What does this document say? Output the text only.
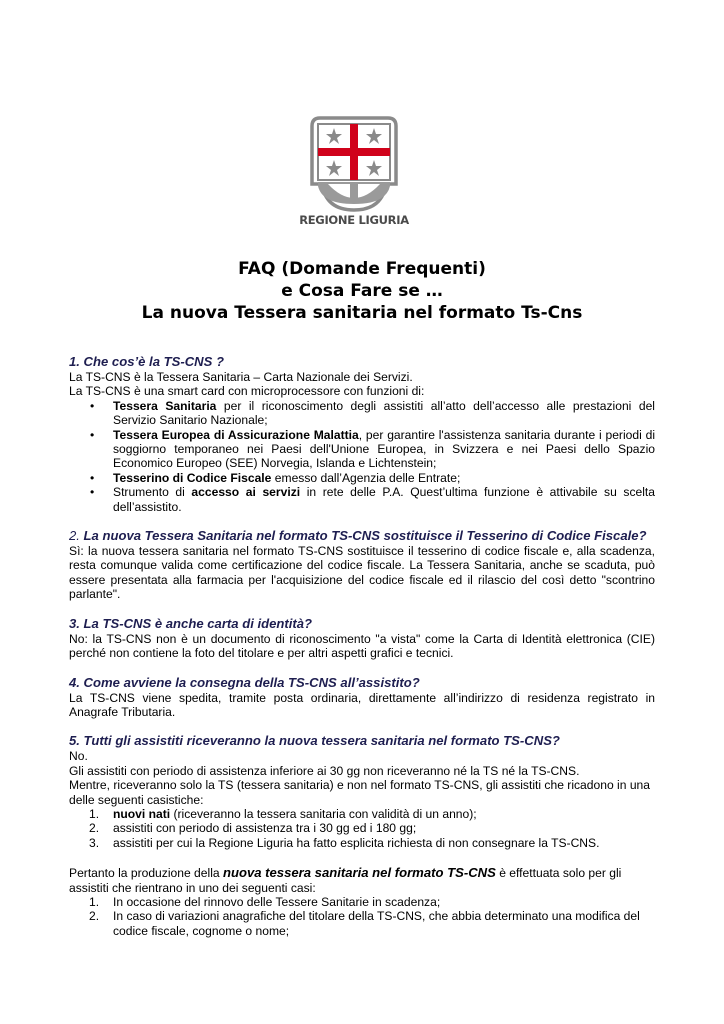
REGIONE LIGURIA
FAQ (Domande Frequenti)
e Cosa Fare se …
La nuova Tessera sanitaria nel formato Ts-Cns

1. Che cos’è la TS-CNS ?

La TS-CNS è la Tessera Sanitaria – Carta Nazionale dei Servizi.

La TS-CNS è una smart card con microprocessore con funzioni di:

• Tessera Sanitaria per il riconoscimento degli assistiti all’atto dell’accesso alle prestazioni del Servizio Sanitario Nazionale;
• Tessera Europea di Assicurazione Malattia, per garantire l'assistenza sanitaria durante i periodi di soggiorno temporaneo nei Paesi dell'Unione Europea, in Svizzera e nei Paesi dello Spazio Economico Europeo (SEE) Norvegia, Islanda e Lichtenstein;
• Tesserino di Codice Fiscale emesso dall’Agenzia delle Entrate;
• Strumento di accesso ai servizi in rete delle P.A. Quest’ultima funzione è attivabile su scelta dell’assistito.

2. La nuova Tessera Sanitaria nel formato TS-CNS sostituisce il Tesserino di Codice Fiscale?

Sì: la nuova tessera sanitaria nel formato TS-CNS sostituisce il tesserino di codice fiscale e, alla scadenza, resta comunque valida come certificazione del codice fiscale. La Tessera Sanitaria, anche se scaduta, può essere presentata alla farmacia per l'acquisizione del codice fiscale ed il rilascio del così detto "scontrino parlante".

3. La TS-CNS è anche carta di identità?

No: la TS-CNS non è un documento di riconoscimento "a vista" come la Carta di Identità elettronica (CIE) perché non contiene la foto del titolare e per altri aspetti grafici e tecnici.

4. Come avviene la consegna della TS-CNS all’assistito?

La TS-CNS viene spedita, tramite posta ordinaria, direttamente all’indirizzo di residenza registrato in Anagrafe Tributaria.

5. Tutti gli assistiti riceveranno la nuova tessera sanitaria nel formato TS-CNS?

No.

Gli assistiti con periodo di assistenza inferiore ai 30 gg non riceveranno né la TS né la TS-CNS.

Mentre, riceveranno solo la TS (tessera sanitaria) e non nel formato TS-CNS, gli assistiti che ricadono in una delle seguenti casistiche:

1. nuovi nati (riceveranno la tessera sanitaria con validità di un anno);
2. assistiti con periodo di assistenza tra i 30 gg ed i 180 gg;
3. assistiti per cui la Regione Liguria ha fatto esplicita richiesta di non consegnare la TS-CNS.

Pertanto la produzione della nuova tessera sanitaria nel formato TS-CNS è effettuata solo per gli assistiti che rientrano in uno dei seguenti casi:

1. In occasione del rinnovo delle Tessere Sanitarie in scadenza;
2. In caso di variazioni anagrafiche del titolare della TS-CNS, che abbia determinato una modifica del codice fiscale, cognome o nome;
